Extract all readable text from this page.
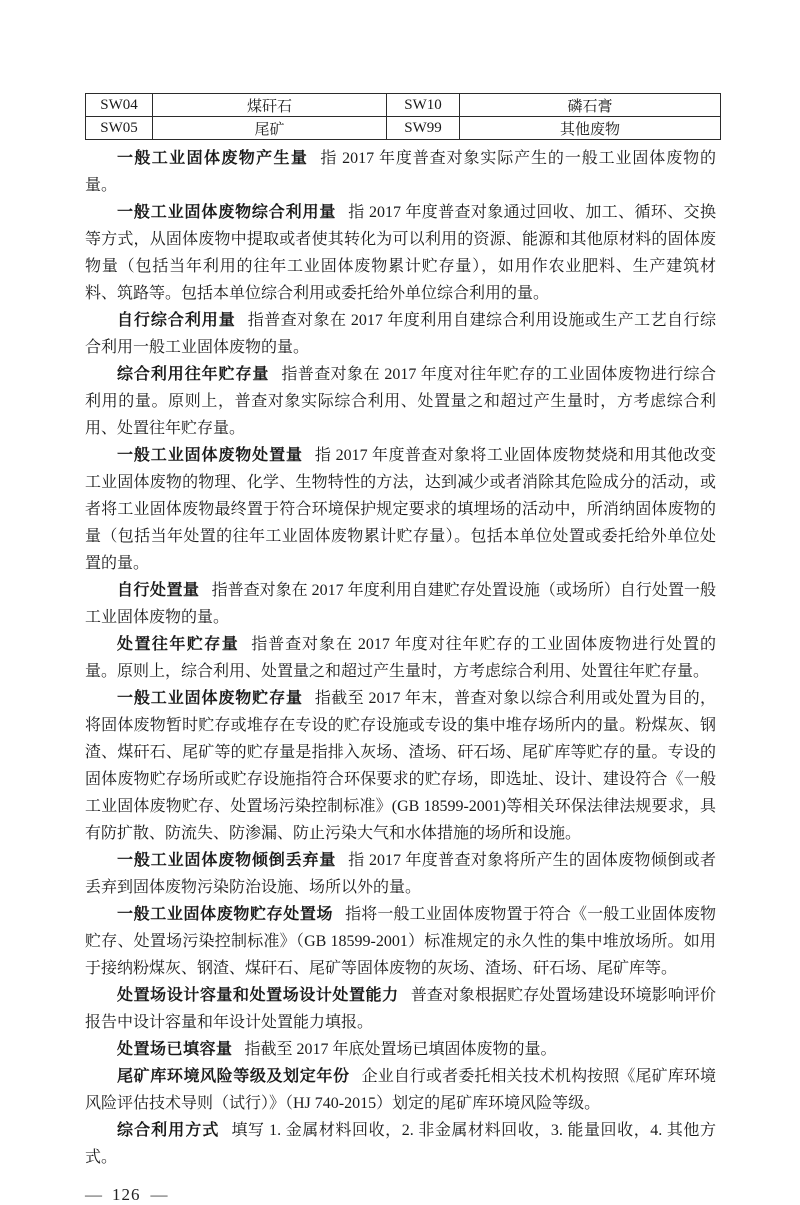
SW04	煤矸石	SW10	磷石膏
SW05	尾矿	SW99	其他废物

一般工业固体废物产生量 指 2017 年度普查对象实际产生的一般工业固体废物的量。

一般工业固体废物综合利用量 指 2017 年度普查对象通过回收、加工、循环、交换等方式，从固体废物中提取或者使其转化为可以利用的资源、能源和其他原材料的固体废物量（包括当年利用的往年工业固体废物累计贮存量），如用作农业肥料、生产建筑材料、筑路等。包括本单位综合利用或委托给外单位综合利用的量。

自行综合利用量 指普查对象在 2017 年度利用自建综合利用设施或生产工艺自行综合利用一般工业固体废物的量。

综合利用往年贮存量 指普查对象在 2017 年度对往年贮存的工业固体废物进行综合利用的量。原则上，普查对象实际综合利用、处置量之和超过产生量时，方考虑综合利用、处置往年贮存量。

一般工业固体废物处置量 指 2017 年度普查对象将工业固体废物焚烧和用其他改变工业固体废物的物理、化学、生物特性的方法，达到减少或者消除其危险成分的活动，或者将工业固体废物最终置于符合环境保护规定要求的填埋场的活动中，所消纳固体废物的量（包括当年处置的往年工业固体废物累计贮存量）。包括本单位处置或委托给外单位处置的量。

自行处置量 指普查对象在 2017 年度利用自建贮存处置设施（或场所）自行处置一般工业固体废物的量。

处置往年贮存量 指普查对象在 2017 年度对往年贮存的工业固体废物进行处置的量。原则上，综合利用、处置量之和超过产生量时，方考虑综合利用、处置往年贮存量。

一般工业固体废物贮存量 指截至 2017 年末，普查对象以综合利用或处置为目的，将固体废物暂时贮存或堆存在专设的贮存设施或专设的集中堆存场所内的量。粉煤灰、钢渣、煤矸石、尾矿等的贮存量是指排入灰场、渣场、矸石场、尾矿库等贮存的量。专设的固体废物贮存场所或贮存设施指符合环保要求的贮存场，即选址、设计、建设符合《一般工业固体废物贮存、处置场污染控制标准》(GB 18599-2001)等相关环保法律法规要求，具有防扩散、防流失、防渗漏、防止污染大气和水体措施的场所和设施。

一般工业固体废物倾倒丢弃量 指 2017 年度普查对象将所产生的固体废物倾倒或者丢弃到固体废物污染防治设施、场所以外的量。

一般工业固体废物贮存处置场 指将一般工业固体废物置于符合《一般工业固体废物贮存、处置场污染控制标准》（GB 18599-2001）标准规定的永久性的集中堆放场所。如用于接纳粉煤灰、钢渣、煤矸石、尾矿等固体废物的灰场、渣场、矸石场、尾矿库等。

处置场设计容量和处置场设计处置能力 普查对象根据贮存处置场建设环境影响评价报告中设计容量和年设计处置能力填报。

处置场已填容量 指截至 2017 年底处置场已填固体废物的量。

尾矿库环境风险等级及划定年份 企业自行或者委托相关技术机构按照《尾矿库环境风险评估技术导则（试行）》（HJ 740-2015）划定的尾矿库环境风险等级。

综合利用方式 填写 1. 金属材料回收，2. 非金属材料回收，3. 能量回收，4. 其他方式。

— 126 —
